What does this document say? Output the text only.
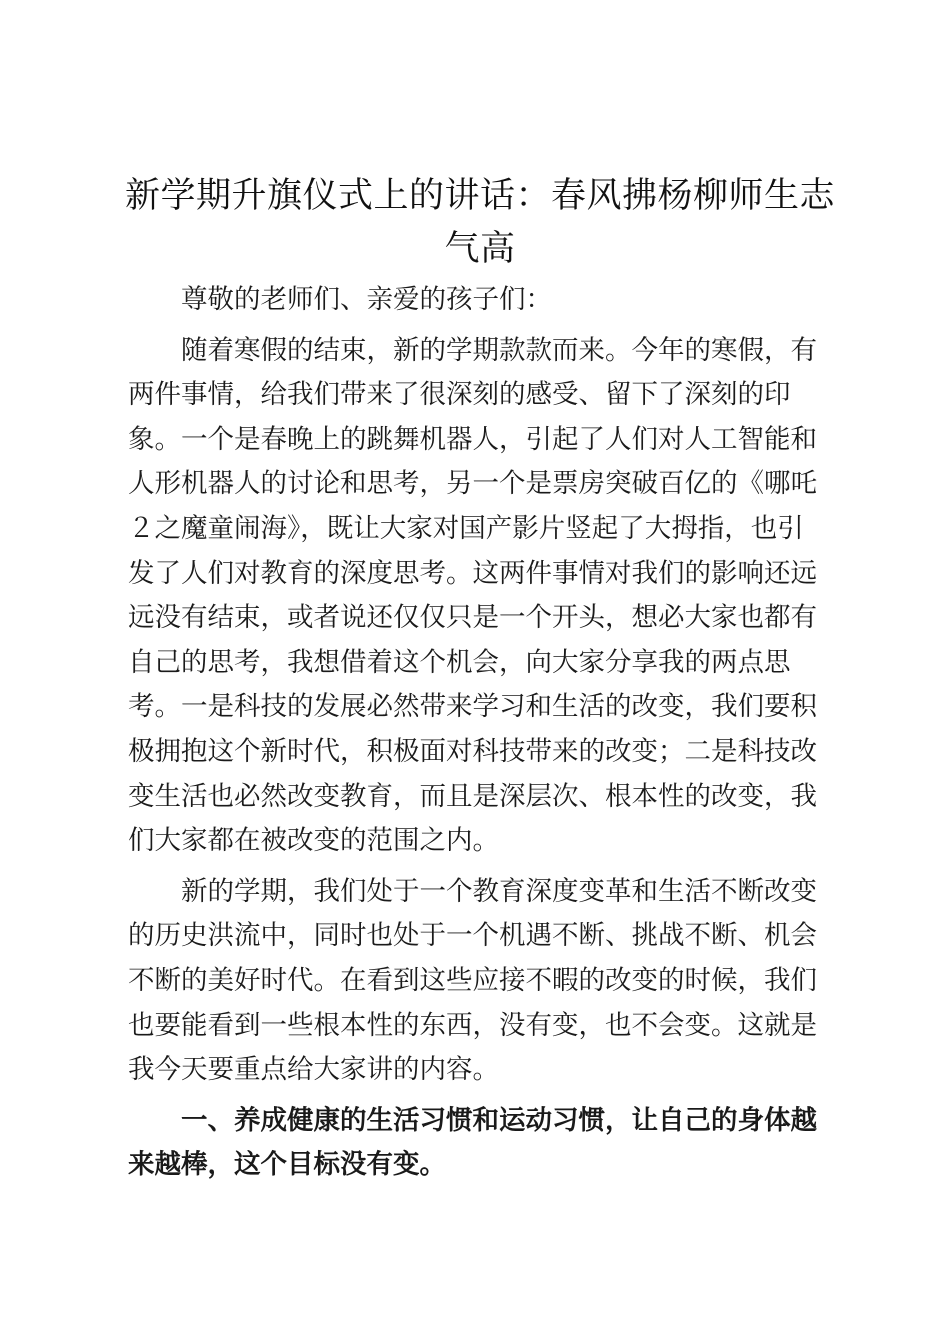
新学期升旗仪式上的讲话：春风拂杨柳师生志气高

尊敬的老师们、亲爱的孩子们：

随着寒假的结束，新的学期款款而来。今年的寒假，有两件事情，给我们带来了很深刻的感受、留下了深刻的印象。一个是春晚上的跳舞机器人，引起了人们对人工智能和人形机器人的讨论和思考，另一个是票房突破百亿的《哪吒２之魔童闹海》，既让大家对国产影片竖起了大拇指，也引发了人们对教育的深度思考。这两件事情对我们的影响还远远没有结束，或者说还仅仅只是一个开头，想必大家也都有自己的思考，我想借着这个机会，向大家分享我的两点思考。一是科技的发展必然带来学习和生活的改变，我们要积极拥抱这个新时代，积极面对科技带来的改变；二是科技改变生活也必然改变教育，而且是深层次、根本性的改变，我们大家都在被改变的范围之内。

新的学期，我们处于一个教育深度变革和生活不断改变的历史洪流中，同时也处于一个机遇不断、挑战不断、机会不断的美好时代。在看到这些应接不暇的改变的时候，我们也要能看到一些根本性的东西，没有变，也不会变。这就是我今天要重点给大家讲的内容。

一、养成健康的生活习惯和运动习惯，让自己的身体越来越棒，这个目标没有变。
